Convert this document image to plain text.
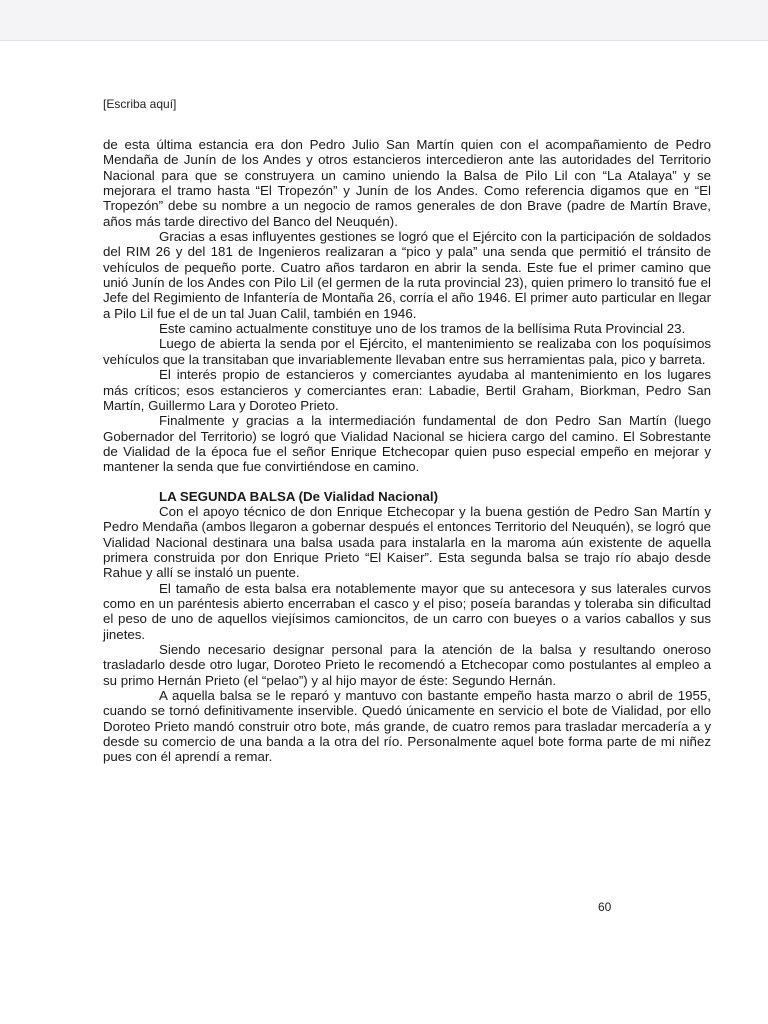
[Escriba aquí]

de esta última estancia era don Pedro Julio San Martín quien con el acompañamiento de Pedro Mendaña de Junín de los Andes y otros estancieros intercedieron ante las autoridades del Territorio Nacional para que se construyera un camino uniendo la Balsa de Pilo Lil con “La Atalaya” y se mejorara el tramo hasta “El Tropezón” y Junín de los Andes. Como referencia digamos que en “El Tropezón” debe su nombre a un negocio de ramos generales de don Brave (padre de Martín Brave, años más tarde directivo del Banco del Neuquén).

Gracias a esas influyentes gestiones se logró que el Ejército con la participación de soldados del RIM 26 y del 181 de Ingenieros realizaran a “pico y pala” una senda que permitió el tránsito de vehículos de pequeño porte. Cuatro años tardaron en abrir la senda. Este fue el primer camino que unió Junín de los Andes con Pilo Lil (el germen de la ruta provincial 23), quien primero lo transitó fue el Jefe del Regimiento de Infantería de Montaña 26, corría el año 1946. El primer auto particular en llegar a Pilo Lil fue el de un tal Juan Calil, también en 1946.

Este camino actualmente constituye uno de los tramos de la bellísima Ruta Provincial 23.

Luego de abierta la senda por el Ejército, el mantenimiento se realizaba con los poquísimos vehículos que la transitaban que invariablemente llevaban entre sus herramientas pala, pico y barreta.

El interés propio de estancieros y comerciantes ayudaba al mantenimiento en los lugares más críticos; esos estancieros y comerciantes eran: Labadie, Bertil Graham, Biorkman, Pedro San Martín, Guillermo Lara y Doroteo Prieto.

Finalmente y gracias a la intermediación fundamental de don Pedro San Martín (luego Gobernador del Territorio) se logró que Vialidad Nacional se hiciera cargo del camino. El Sobrestante de Vialidad de la época fue el señor Enrique Etchecopar quien puso especial empeño en mejorar y mantener la senda que fue convirtiéndose en camino.

LA SEGUNDA BALSA (De Vialidad Nacional)

Con el apoyo técnico de don Enrique Etchecopar y la buena gestión de Pedro San Martín y Pedro Mendaña (ambos llegaron a gobernar después el entonces Territorio del Neuquén), se logró que Vialidad Nacional destinara una balsa usada para instalarla en la maroma aún existente de aquella primera construida por don Enrique Prieto “El Kaiser”. Esta segunda balsa se trajo río abajo desde Rahue y allí se instaló un puente.

El tamaño de esta balsa era notablemente mayor que su antecesora y sus laterales curvos como en un paréntesis abierto encerraban el casco y el piso; poseía barandas y toleraba sin dificultad el peso de uno de aquellos viejísimos camioncitos, de un carro con bueyes o a varios caballos y sus jinetes.

Siendo necesario designar personal para la atención de la balsa y resultando oneroso trasladarlo desde otro lugar, Doroteo Prieto le recomendó a Etchecopar como postulantes al empleo a su primo Hernán Prieto (el “pelao”) y al hijo mayor de éste: Segundo Hernán.

A aquella balsa se le reparó y mantuvo con bastante empeño hasta marzo o abril de 1955, cuando se tornó definitivamente inservible. Quedó únicamente en servicio el bote de Vialidad, por ello Doroteo Prieto mandó construir otro bote, más grande, de cuatro remos para trasladar mercadería a y desde su comercio de una banda a la otra del río. Personalmente aquel bote forma parte de mi niñez pues con él aprendí a remar.

60
